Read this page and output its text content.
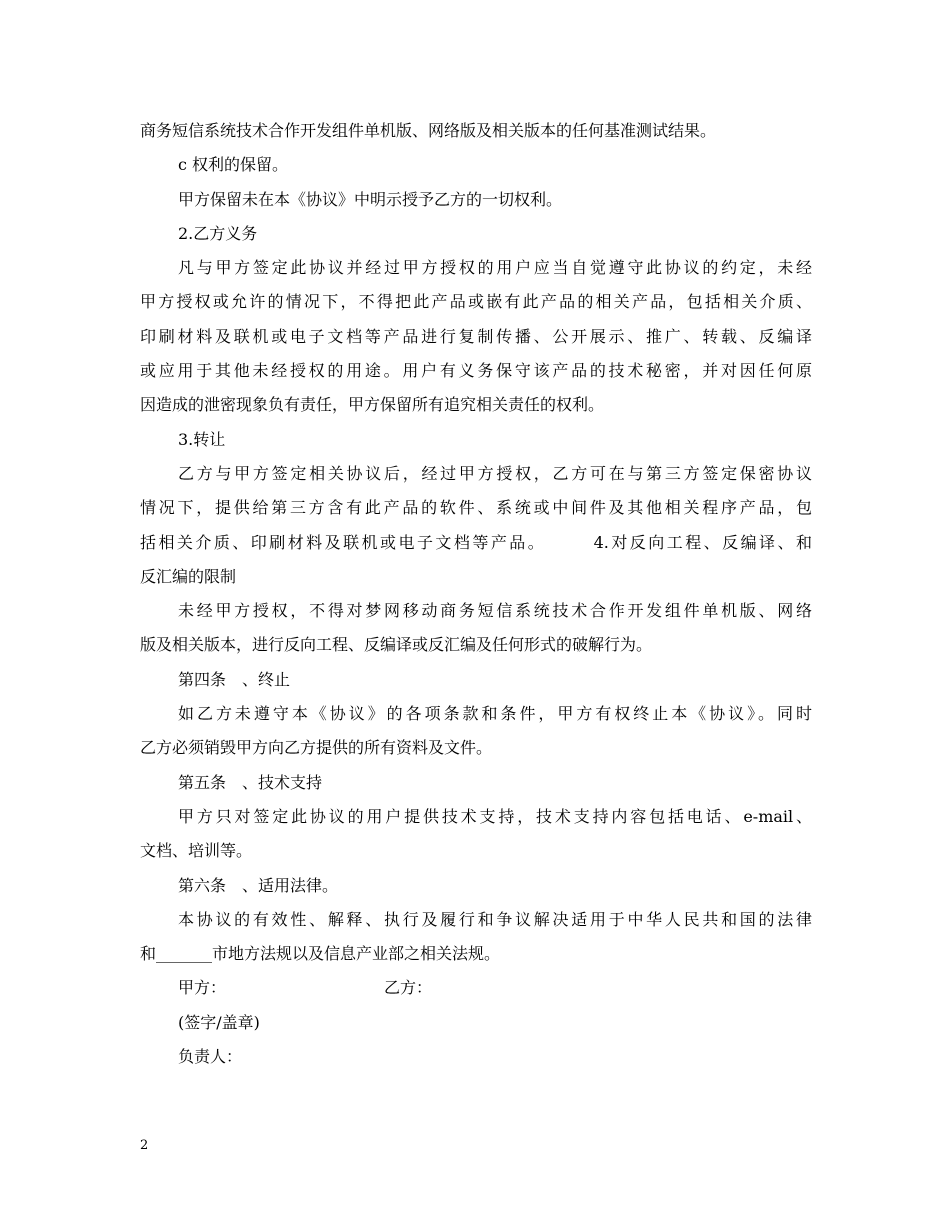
商务短信系统技术合作开发组件单机版、网络版及相关版本的任何基准测试结果。
c 权利的保留。
甲方保留未在本《协议》中明示授予乙方的一切权利。
2.乙方义务
凡与甲方签定此协议并经过甲方授权的用户应当自觉遵守此协议的约定，未经
甲方授权或允许的情况下，不得把此产品或嵌有此产品的相关产品，包括相关介质、
印刷材料及联机或电子文档等产品进行复制传播、公开展示、推广、转载、反编译
或应用于其他未经授权的用途。用户有义务保守该产品的技术秘密，并对因任何原
因造成的泄密现象负有责任，甲方保留所有追究相关责任的权利。
3.转让
乙方与甲方签定相关协议后，经过甲方授权，乙方可在与第三方签定保密协议
情况下，提供给第三方含有此产品的软件、系统或中间件及其他相关程序产品，包
括相关介质、印刷材料及联机或电子文档等产品。　　　4.对反向工程、反编译、和
反汇编的限制
未经甲方授权，不得对梦网移动商务短信系统技术合作开发组件单机版、网络
版及相关版本，进行反向工程、反编译或反汇编及任何形式的破解行为。
第四条　、终止
如乙方未遵守本《协议》的各项条款和条件，甲方有权终止本《协议》。同时
乙方必须销毁甲方向乙方提供的所有资料及文件。
第五条　、技术支持
甲方只对签定此协议的用户提供技术支持，技术支持内容包括电话、e-mail、
文档、培训等。
第六条　、适用法律。
本协议的有效性、解释、执行及履行和争议解决适用于中华人民共和国的法律
和_______市地方法规以及信息产业部之相关法规。
甲方：	乙方：
(签字/盖章)
负责人：
2
